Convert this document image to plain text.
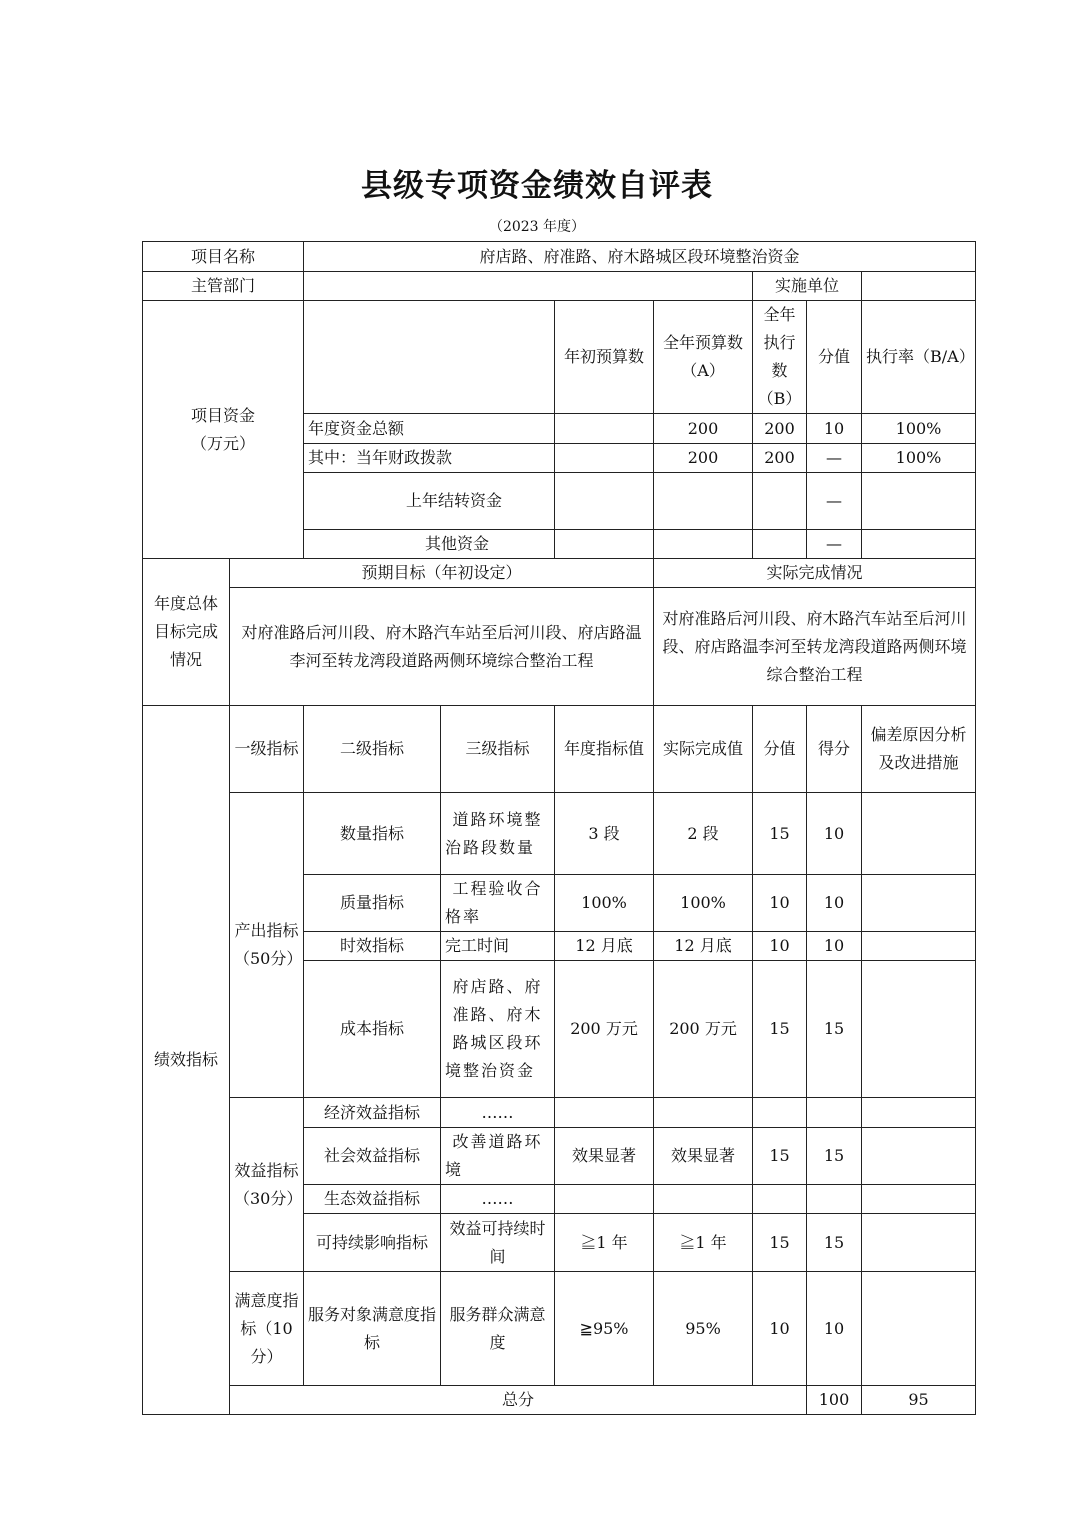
县级专项资金绩效自评表
（2023 年度）
项目名称		府店路、府准路、府木路城区段环境整治资金							
主管部门						实施单位			
项目资金
（万元）				年初预算数	全年预算数（A）	全年执行数（B）	分值	执行率（B/A）	
		年度资金总额			200	200	10	100%	
		其中：当年财政拨款			200	200	—	100%	
		上年结转资金					—		
		其他资金					—		

年度总体目标完成情况	预期目标（年初设定）				实际完成情况				
	对府准路后河川段、府木路汽车站至后河川段、府店路温李河至转龙湾段道路两侧环境综合整治工程				对府准路后河川段、府木路汽车站至后河川段、府店路温李河至转龙湾段道路两侧环境综合整治工程				
绩效指标	一级指标	二级指标	三级指标	年度指标值	实际完成值	分值	得分	偏差原因分析及改进措施	
	产出指标（50分）	数量指标	道路环境整治路段数量	3 段	2 段	15	10		
		质量指标	工程验收合格率	100%	100%	10	10		
		时效指标	完工时间	12 月底	12 月底	10	10		
		成本指标	府店路、府准路、府木路城区段环境整治资金	200 万元	200 万元	15	15		
	效益指标（30分）	经济效益指标	……						
		社会效益指标	改善道路环境	效果显著	效果显著	15	15		
		生态效益指标	……						
		可持续影响指标	效益可持续时间	≧1 年	≧1 年	15	15		
	满意度指标（10分）	服务对象满意度指标	服务群众满意度	≧95%	95%	10	10		
	总分						100	95	
